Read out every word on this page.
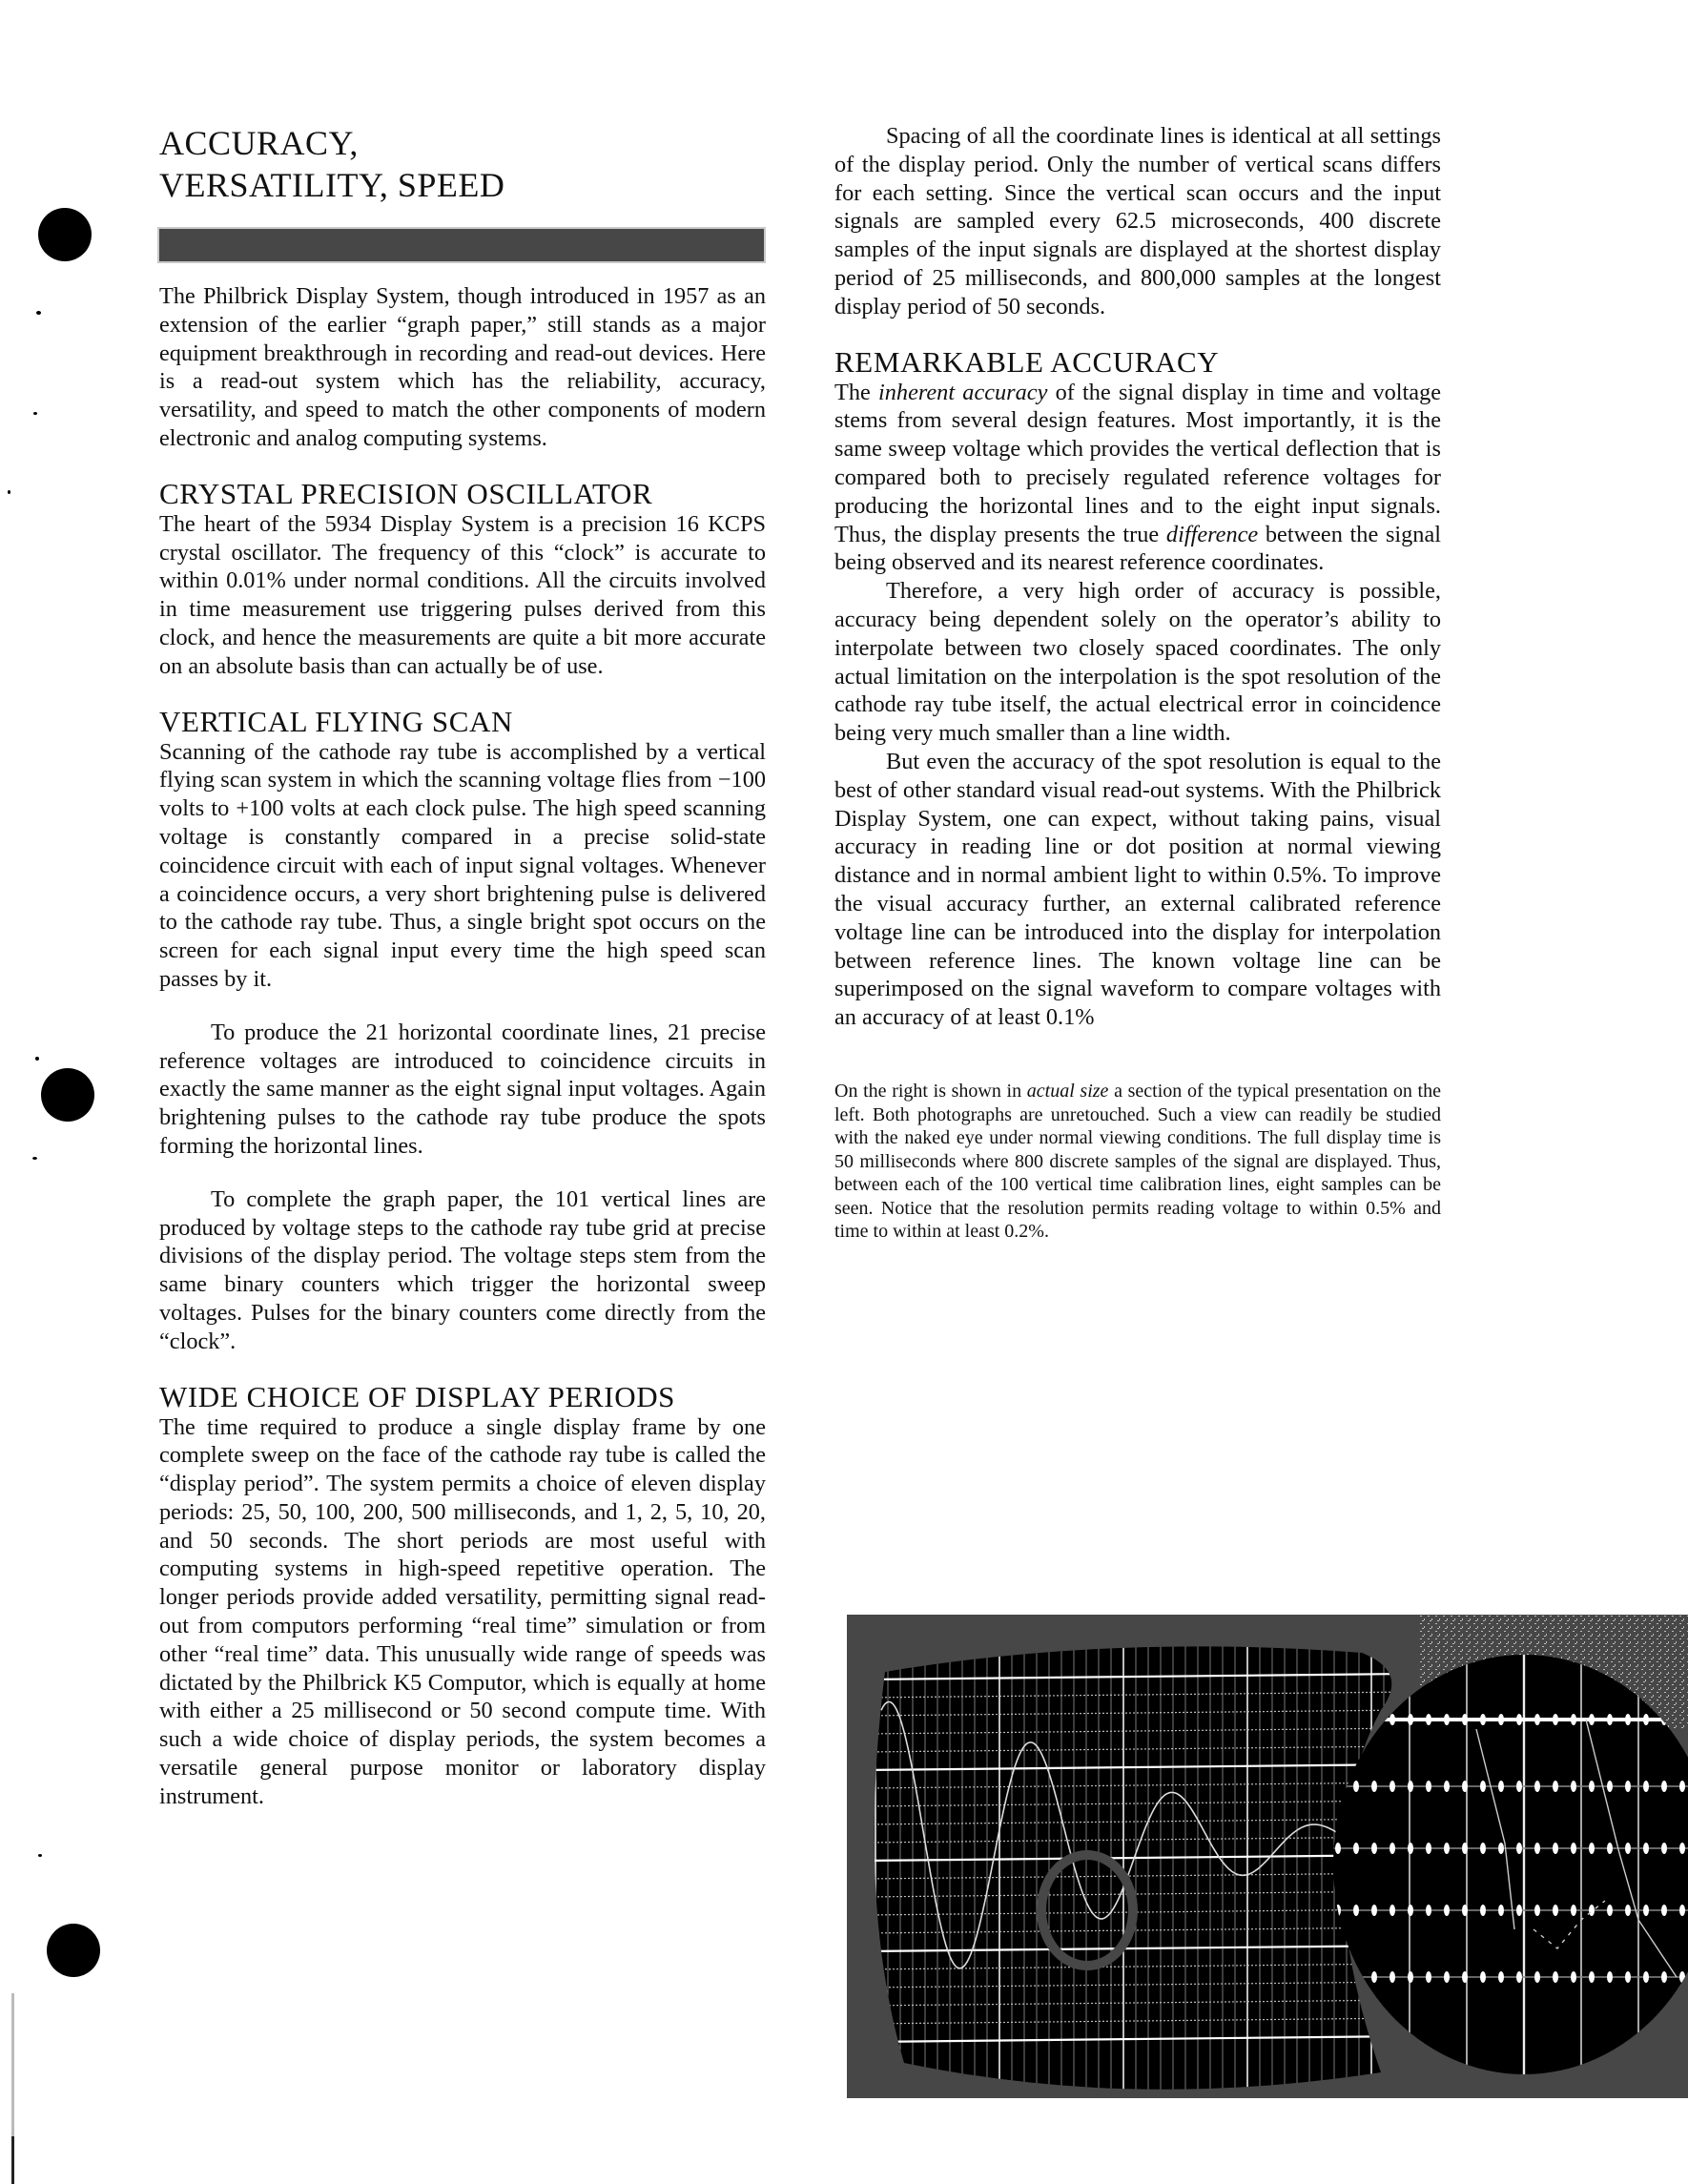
ACCURACY,
VERSATILITY, SPEED

The Philbrick Display System, though introduced in 1957 as an extension of the earlier “graph paper,” still stands as a major equipment breakthrough in recording and read-out devices. Here is a read-out system which has the reliability, accuracy, versatility, and speed to match the other components of modern electronic and analog computing systems.

CRYSTAL PRECISION OSCILLATOR

The heart of the 5934 Display System is a precision 16 KCPS crystal oscillator. The frequency of this “clock” is accurate to within 0.01% under normal conditions. All the circuits involved in time measurement use triggering pulses derived from this clock, and hence the measurements are quite a bit more accurate on an absolute basis than can actually be of use.

VERTICAL FLYING SCAN

Scanning of the cathode ray tube is accomplished by a vertical flying scan system in which the scanning voltage flies from −100 volts to +100 volts at each clock pulse. The high speed scanning voltage is constantly compared in a precise solid-state coincidence circuit with each of input signal voltages. Whenever a coincidence occurs, a very short brightening pulse is delivered to the cathode ray tube. Thus, a single bright spot occurs on the screen for each signal input every time the high speed scan passes by it.

To produce the 21 horizontal coordinate lines, 21 precise reference voltages are introduced to coincidence circuits in exactly the same manner as the eight signal input voltages. Again brightening pulses to the cathode ray tube produce the spots forming the horizontal lines.

To complete the graph paper, the 101 vertical lines are produced by voltage steps to the cathode ray tube grid at precise divisions of the display period. The voltage steps stem from the same binary counters which trigger the horizontal sweep voltages. Pulses for the binary counters come directly from the “clock”.

WIDE CHOICE OF DISPLAY PERIODS

The time required to produce a single display frame by one complete sweep on the face of the cathode ray tube is called the “display period”. The system permits a choice of eleven display periods: 25, 50, 100, 200, 500 milliseconds, and 1, 2, 5, 10, 20, and 50 seconds. The short periods are most useful with computing systems in high-speed repetitive operation. The longer periods provide added versatility, permitting signal read-out from computors performing “real time” simulation or from other “real time” data. This unusually wide range of speeds was dictated by the Philbrick K5 Computor, which is equally at home with either a 25 millisecond or 50 second compute time. With such a wide choice of display periods, the system becomes a versatile general purpose monitor or laboratory display instrument.

Spacing of all the coordinate lines is identical at all settings of the display period. Only the number of vertical scans differs for each setting. Since the vertical scan occurs and the input signals are sampled every 62.5 microseconds, 400 discrete samples of the input signals are displayed at the shortest display period of 25 milliseconds, and 800,000 samples at the longest display period of 50 seconds.

REMARKABLE ACCURACY

The inherent accuracy of the signal display in time and voltage stems from several design features. Most importantly, it is the same sweep voltage which provides the vertical deflection that is compared both to precisely regulated reference voltages for producing the horizontal lines and to the eight input signals. Thus, the display presents the true difference between the signal being observed and its nearest reference coordinates.

Therefore, a very high order of accuracy is possible, accuracy being dependent solely on the operator’s ability to interpolate between two closely spaced coordinates. The only actual limitation on the interpolation is the spot resolution of the cathode ray tube itself, the actual electrical error in coincidence being very much smaller than a line width.

But even the accuracy of the spot resolution is equal to the best of other standard visual read-out systems. With the Philbrick Display System, one can expect, without taking pains, visual accuracy in reading line or dot position at normal viewing distance and in normal ambient light to within 0.5%. To improve the visual accuracy further, an external calibrated reference voltage line can be introduced into the display for interpolation between reference lines. The known voltage line can be superimposed on the signal waveform to compare voltages with an accuracy of at least 0.1%

On the right is shown in actual size a section of the typical presentation on the left. Both photographs are unretouched. Such a view can readily be studied with the naked eye under normal viewing conditions. The full display time is 50 milliseconds where 800 discrete samples of the signal are displayed. Thus, between each of the 100 vertical time calibration lines, eight samples can be seen. Notice that the resolution permits reading voltage to within 0.5% and time to within at least 0.2%.
